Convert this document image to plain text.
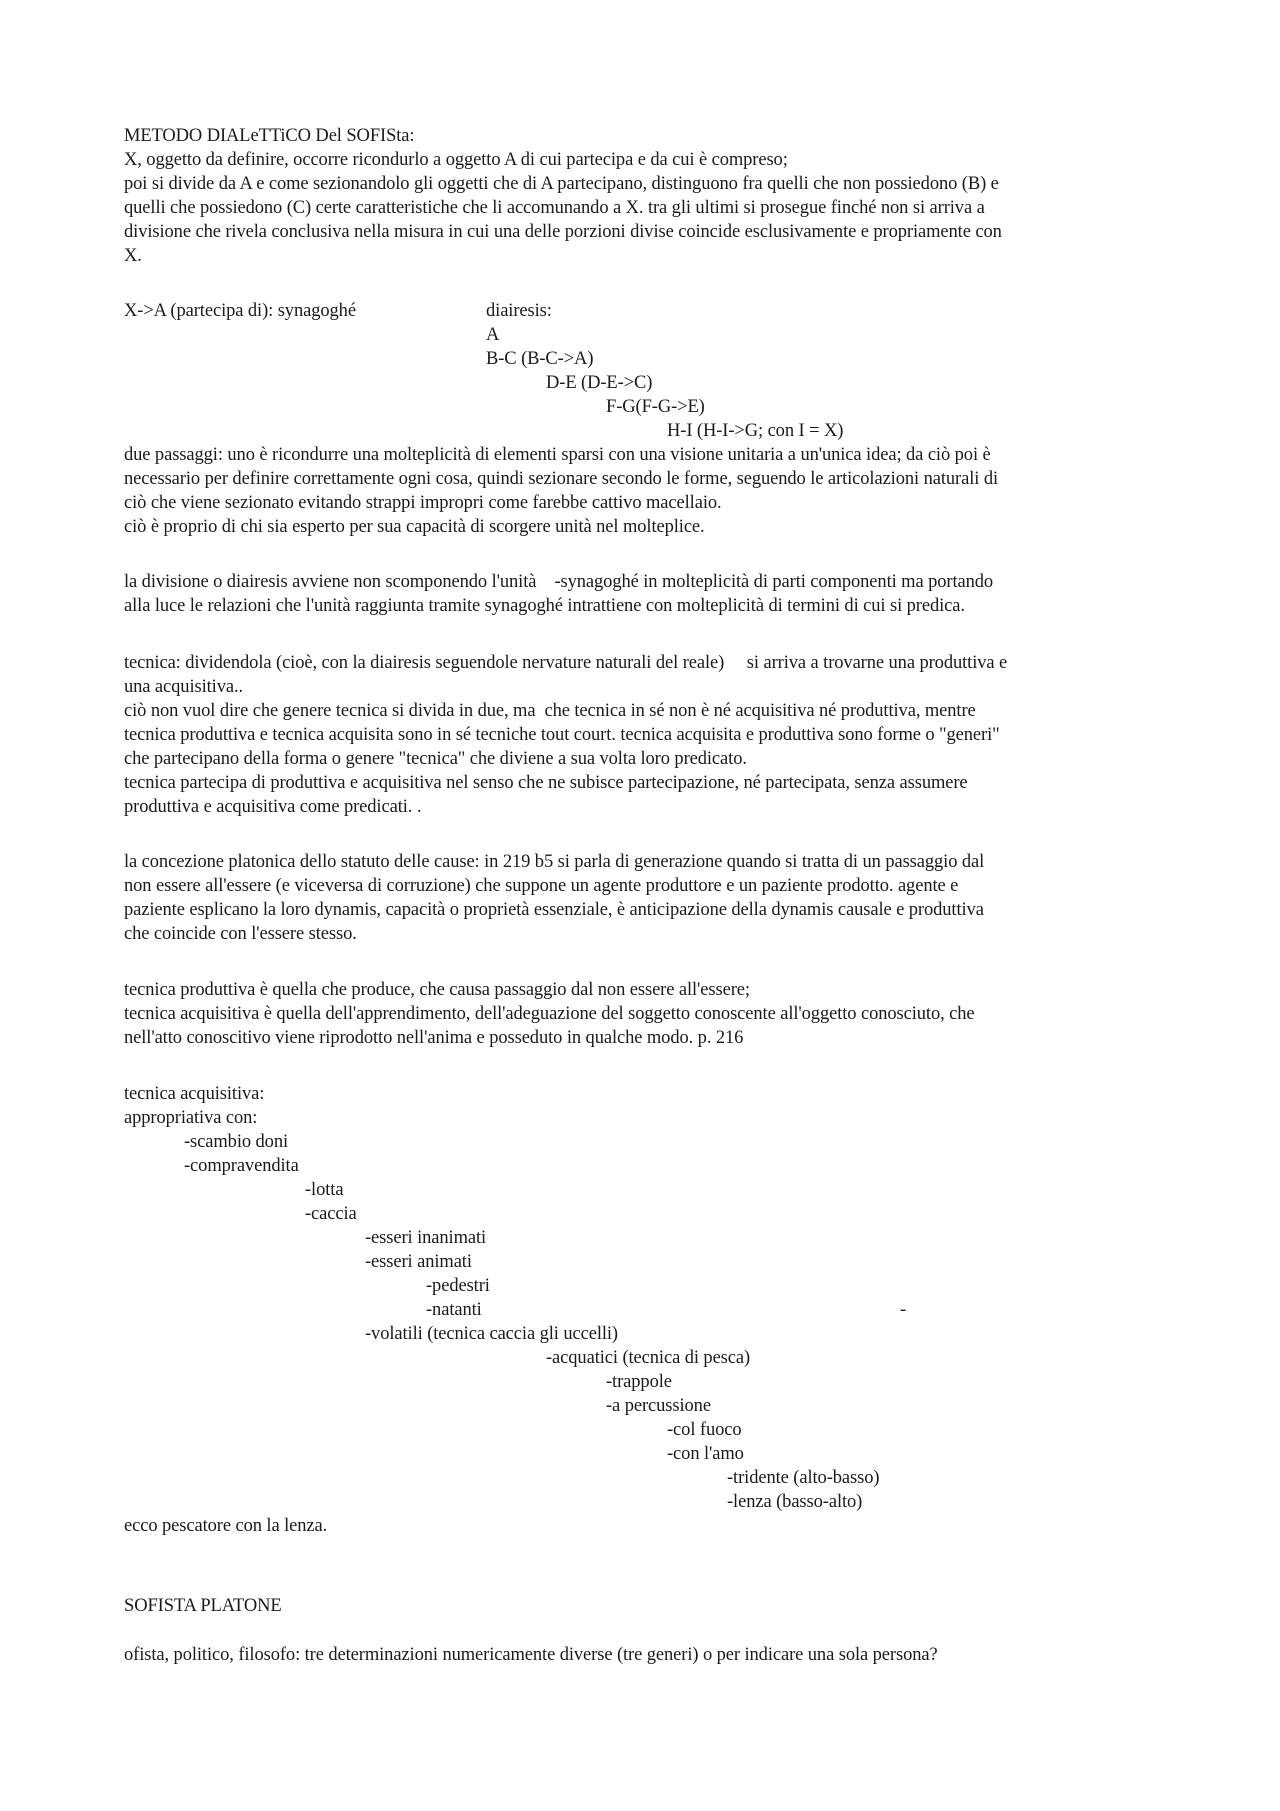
METODO DIALeTTiCO Del SOFISta:
X, oggetto da definire, occorre ricondurlo a oggetto A di cui partecipa e da cui è compreso;
poi si divide da A e come sezionandolo gli oggetti che di A partecipano, distinguono fra quelli che non possiedono (B) e
quelli che possiedono (C) certe caratteristiche che li accomunando a X. tra gli ultimi si prosegue finché non si arriva a
divisione che rivela conclusiva nella misura in cui una delle porzioni divise coincide esclusivamente e propriamente con
X.
X->A (partecipa di): synagoghé	diairesis:
A
B-C (B-C->A)
D-E (D-E->C)
F-G(F-G->E)
H-I (H-I->G; con I = X)
due passaggi: uno è ricondurre una molteplicità di elementi sparsi con una visione unitaria a un'unica idea; da ciò poi è
necessario per definire correttamente ogni cosa, quindi sezionare secondo le forme, seguendo le articolazioni naturali di
ciò che viene sezionato evitando strappi impropri come farebbe cattivo macellaio.
ciò è proprio di chi sia esperto per sua capacità di scorgere unità nel molteplice.
la divisione o diairesis avviene non scomponendo l'unità    -synagoghé in molteplicità di parti componenti ma portando
alla luce le relazioni che l'unità raggiunta tramite synagoghé intrattiene con molteplicità di termini di cui si predica.
tecnica: dividendola (cioè, con la diairesis seguendole nervature naturali del reale)     si arriva a trovarne una produttiva e
una acquisitiva..
ciò non vuol dire che genere tecnica si divida in due, ma  che tecnica in sé non è né acquisitiva né produttiva, mentre
tecnica produttiva e tecnica acquisita sono in sé tecniche tout court. tecnica acquisita e produttiva sono forme o "generi"
che partecipano della forma o genere "tecnica" che diviene a sua volta loro predicato.
tecnica partecipa di produttiva e acquisitiva nel senso che ne subisce partecipazione, né partecipata, senza assumere
produttiva e acquisitiva come predicati. .
la concezione platonica dello statuto delle cause: in 219 b5 si parla di generazione quando si tratta di un passaggio dal
non essere all'essere (e viceversa di corruzione) che suppone un agente produttore e un paziente prodotto. agente e
paziente esplicano la loro dynamis, capacità o proprietà essenziale, è anticipazione della dynamis causale e produttiva
che coincide con l'essere stesso.
tecnica produttiva è quella che produce, che causa passaggio dal non essere all'essere;
tecnica acquisitiva è quella dell'apprendimento, dell'adeguazione del soggetto conoscente all'oggetto conosciuto, che
nell'atto conoscitivo viene riprodotto nell'anima e posseduto in qualche modo. p. 216
tecnica acquisitiva:
appropriativa con:
-scambio doni
-compravendita
-lotta
-caccia
-esseri inanimati
-esseri animati
-pedestri
-natanti	-
-volatili (tecnica caccia gli uccelli)
-acquatici (tecnica di pesca)
-trappole
-a percussione
-col fuoco
-con l'amo
-tridente (alto-basso)
-lenza (basso-alto)
ecco pescatore con la lenza.
SOFISTA PLATONE
ofista, politico, filosofo: tre determinazioni numericamente diverse (tre generi) o per indicare una sola persona?
